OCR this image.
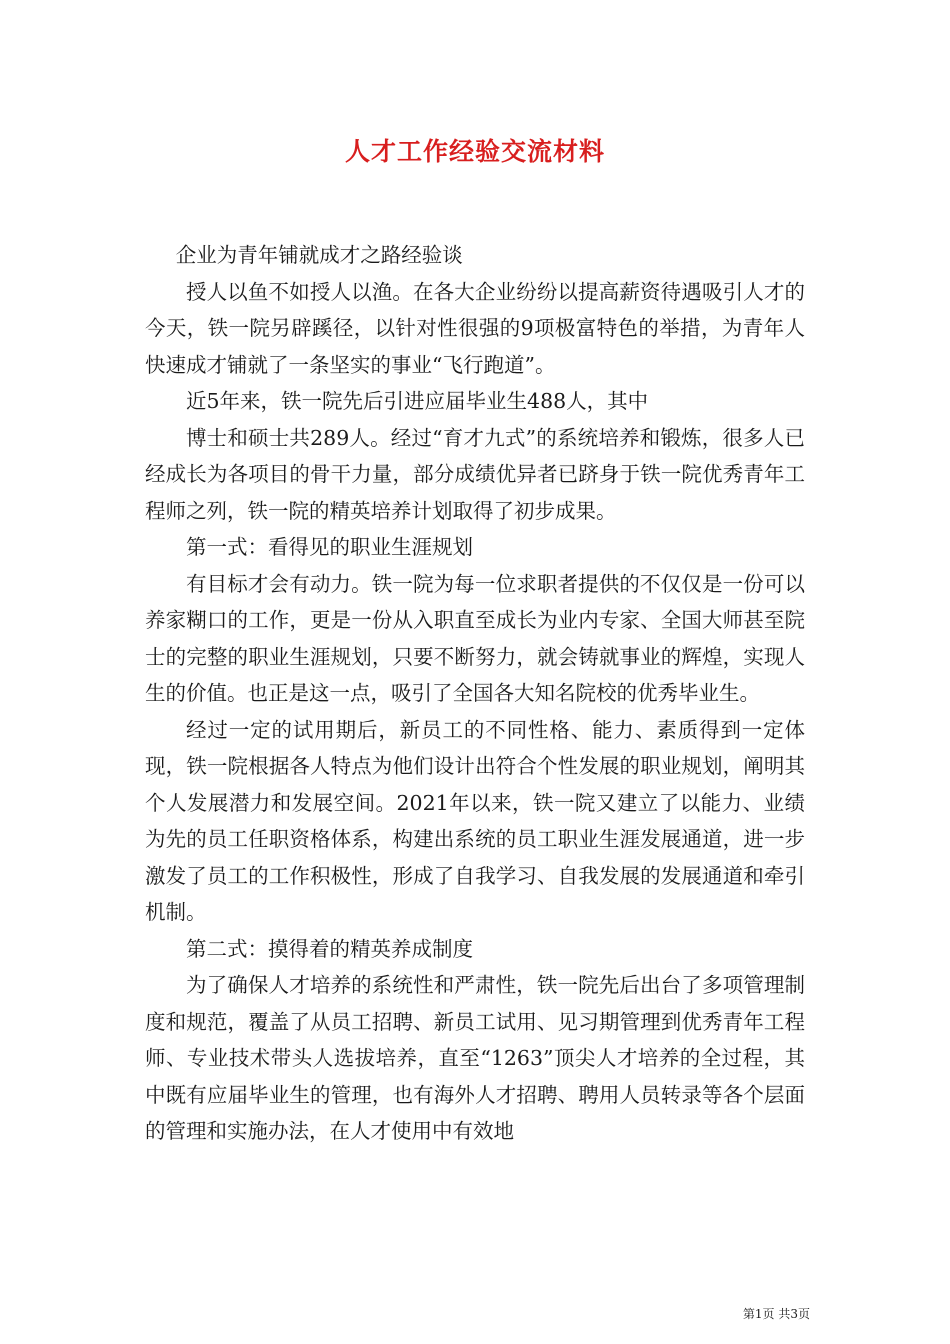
人才工作经验交流材料

企业为青年铺就成才之路经验谈

授人以鱼不如授人以渔。在各大企业纷纷以提高薪资待遇吸引人才的今天，铁一院另辟蹊径，以针对性很强的9项极富特色的举措，为青年人快速成才铺就了一条坚实的事业“飞行跑道”。

近5年来，铁一院先后引进应届毕业生488人，其中

博士和硕士共289人。经过“育才九式”的系统培养和锻炼，很多人已经成长为各项目的骨干力量，部分成绩优异者已跻身于铁一院优秀青年工程师之列，铁一院的精英培养计划取得了初步成果。

第一式：看得见的职业生涯规划

有目标才会有动力。铁一院为每一位求职者提供的不仅仅是一份可以养家糊口的工作，更是一份从入职直至成长为业内专家、全国大师甚至院士的完整的职业生涯规划，只要不断努力，就会铸就事业的辉煌，实现人生的价值。也正是这一点，吸引了全国各大知名院校的优秀毕业生。

经过一定的试用期后，新员工的不同性格、能力、素质得到一定体现，铁一院根据各人特点为他们设计出符合个性发展的职业规划，阐明其个人发展潜力和发展空间。2021年以来，铁一院又建立了以能力、业绩为先的员工任职资格体系，构建出系统的员工职业生涯发展通道，进一步激发了员工的工作积极性，形成了自我学习、自我发展的发展通道和牵引机制。

第二式：摸得着的精英养成制度

为了确保人才培养的系统性和严肃性，铁一院先后出台了多项管理制度和规范，覆盖了从员工招聘、新员工试用、见习期管理到优秀青年工程师、专业技术带头人选拔培养，直至“1263”顶尖人才培养的全过程，其中既有应届毕业生的管理，也有海外人才招聘、聘用人员转录等各个层面的管理和实施办法，在人才使用中有效地

第1页 共3页
